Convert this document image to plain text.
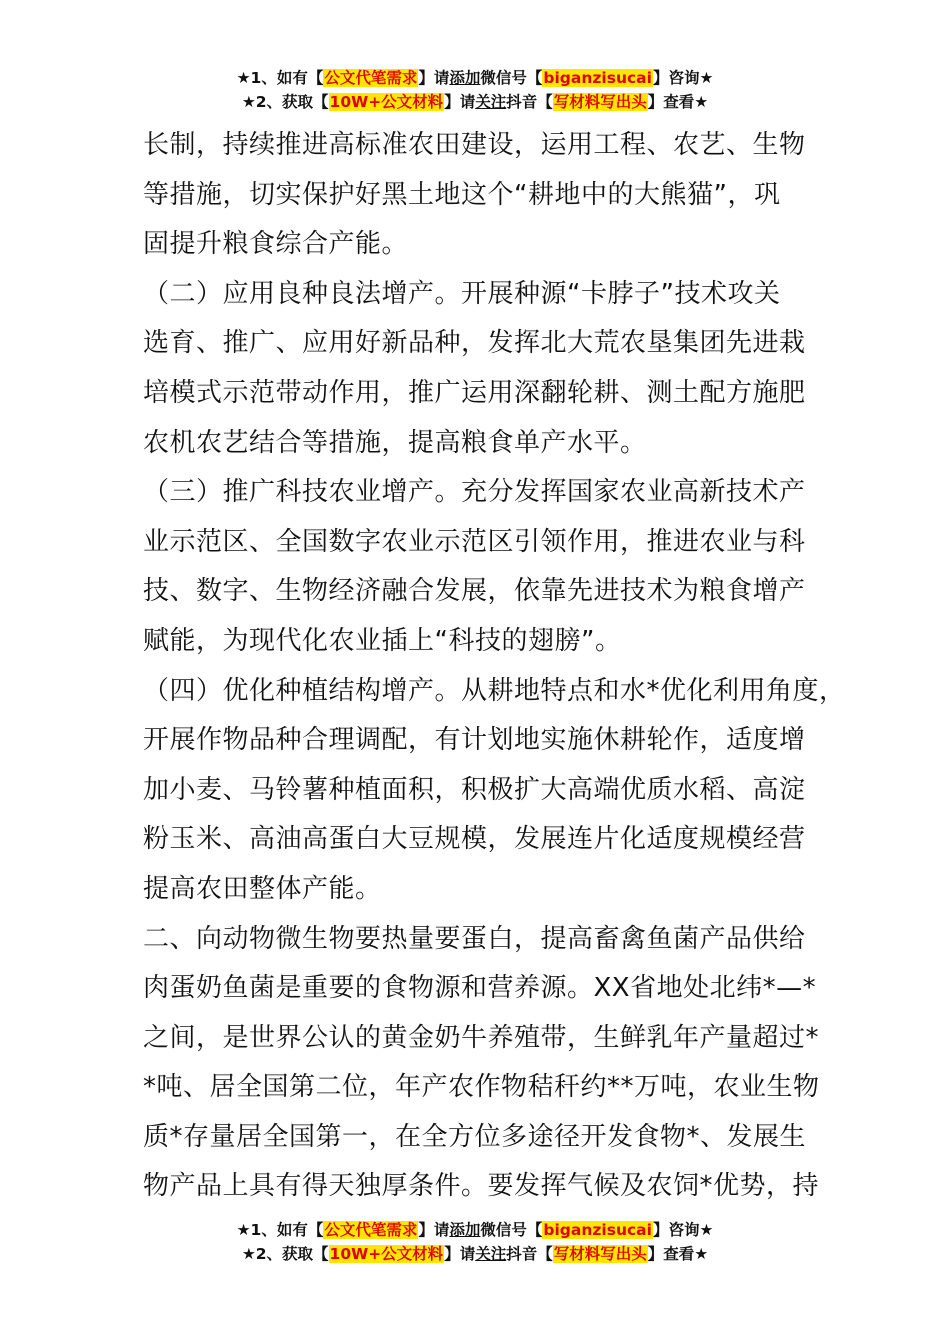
★1、如有【公文代笔需求】请添加微信号【biganzisucai】咨询★
★2、获取【10W+公文材料】请关注抖音【写材料写出头】查看★
长制，持续推进高标准农田建设，运用工程、农艺、生物
等措施，切实保护好黑土地这个“耕地中的大熊猫”，巩
固提升粮食综合产能。
（二）应用良种良法增产。开展种源“卡脖子”技术攻关
选育、推广、应用好新品种，发挥北大荒农垦集团先进栽
培模式示范带动作用，推广运用深翻轮耕、测土配方施肥
农机农艺结合等措施，提高粮食单产水平。
（三）推广科技农业增产。充分发挥国家农业高新技术产
业示范区、全国数字农业示范区引领作用，推进农业与科
技、数字、生物经济融合发展，依靠先进技术为粮食增产
赋能，为现代化农业插上“科技的翅膀”。
（四）优化种植结构增产。从耕地特点和水*优化利用角度，
开展作物品种合理调配，有计划地实施休耕轮作，适度增
加小麦、马铃薯种植面积，积极扩大高端优质水稻、高淀
粉玉米、高油高蛋白大豆规模，发展连片化适度规模经营
提高农田整体产能。
二、向动物微生物要热量要蛋白，提高畜禽鱼菌产品供给
肉蛋奶鱼菌是重要的食物源和营养源。XX省地处北纬*—*
之间，是世界公认的黄金奶牛养殖带，生鲜乳年产量超过*
*吨、居全国第二位，年产农作物秸秆约**万吨，农业生物
质*存量居全国第一，在全方位多途径开发食物*、发展生
物产品上具有得天独厚条件。要发挥气候及农饲*优势，持
★1、如有【公文代笔需求】请添加微信号【biganzisucai】咨询★
★2、获取【10W+公文材料】请关注抖音【写材料写出头】查看★
